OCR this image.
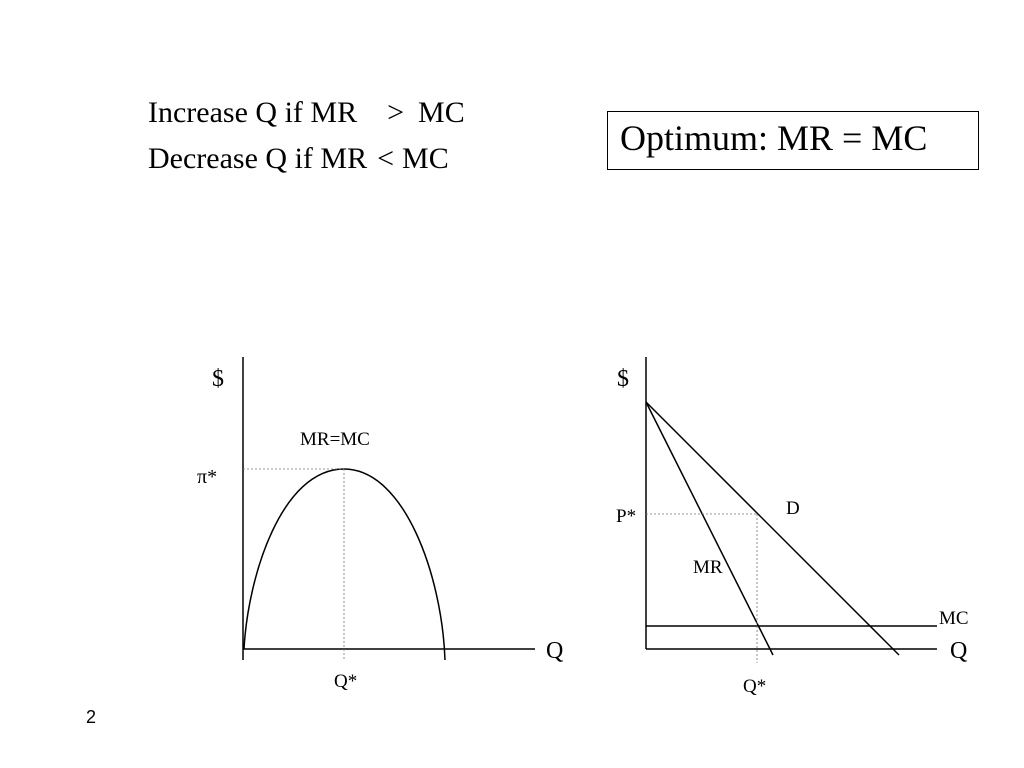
Increase Q if MR > MC
Decrease Q if MR < MC
Optimum: MR = MC
$
Q
MR=MC
π*
Q*
$
Q
D
MR
MC
P*
Q*
2
